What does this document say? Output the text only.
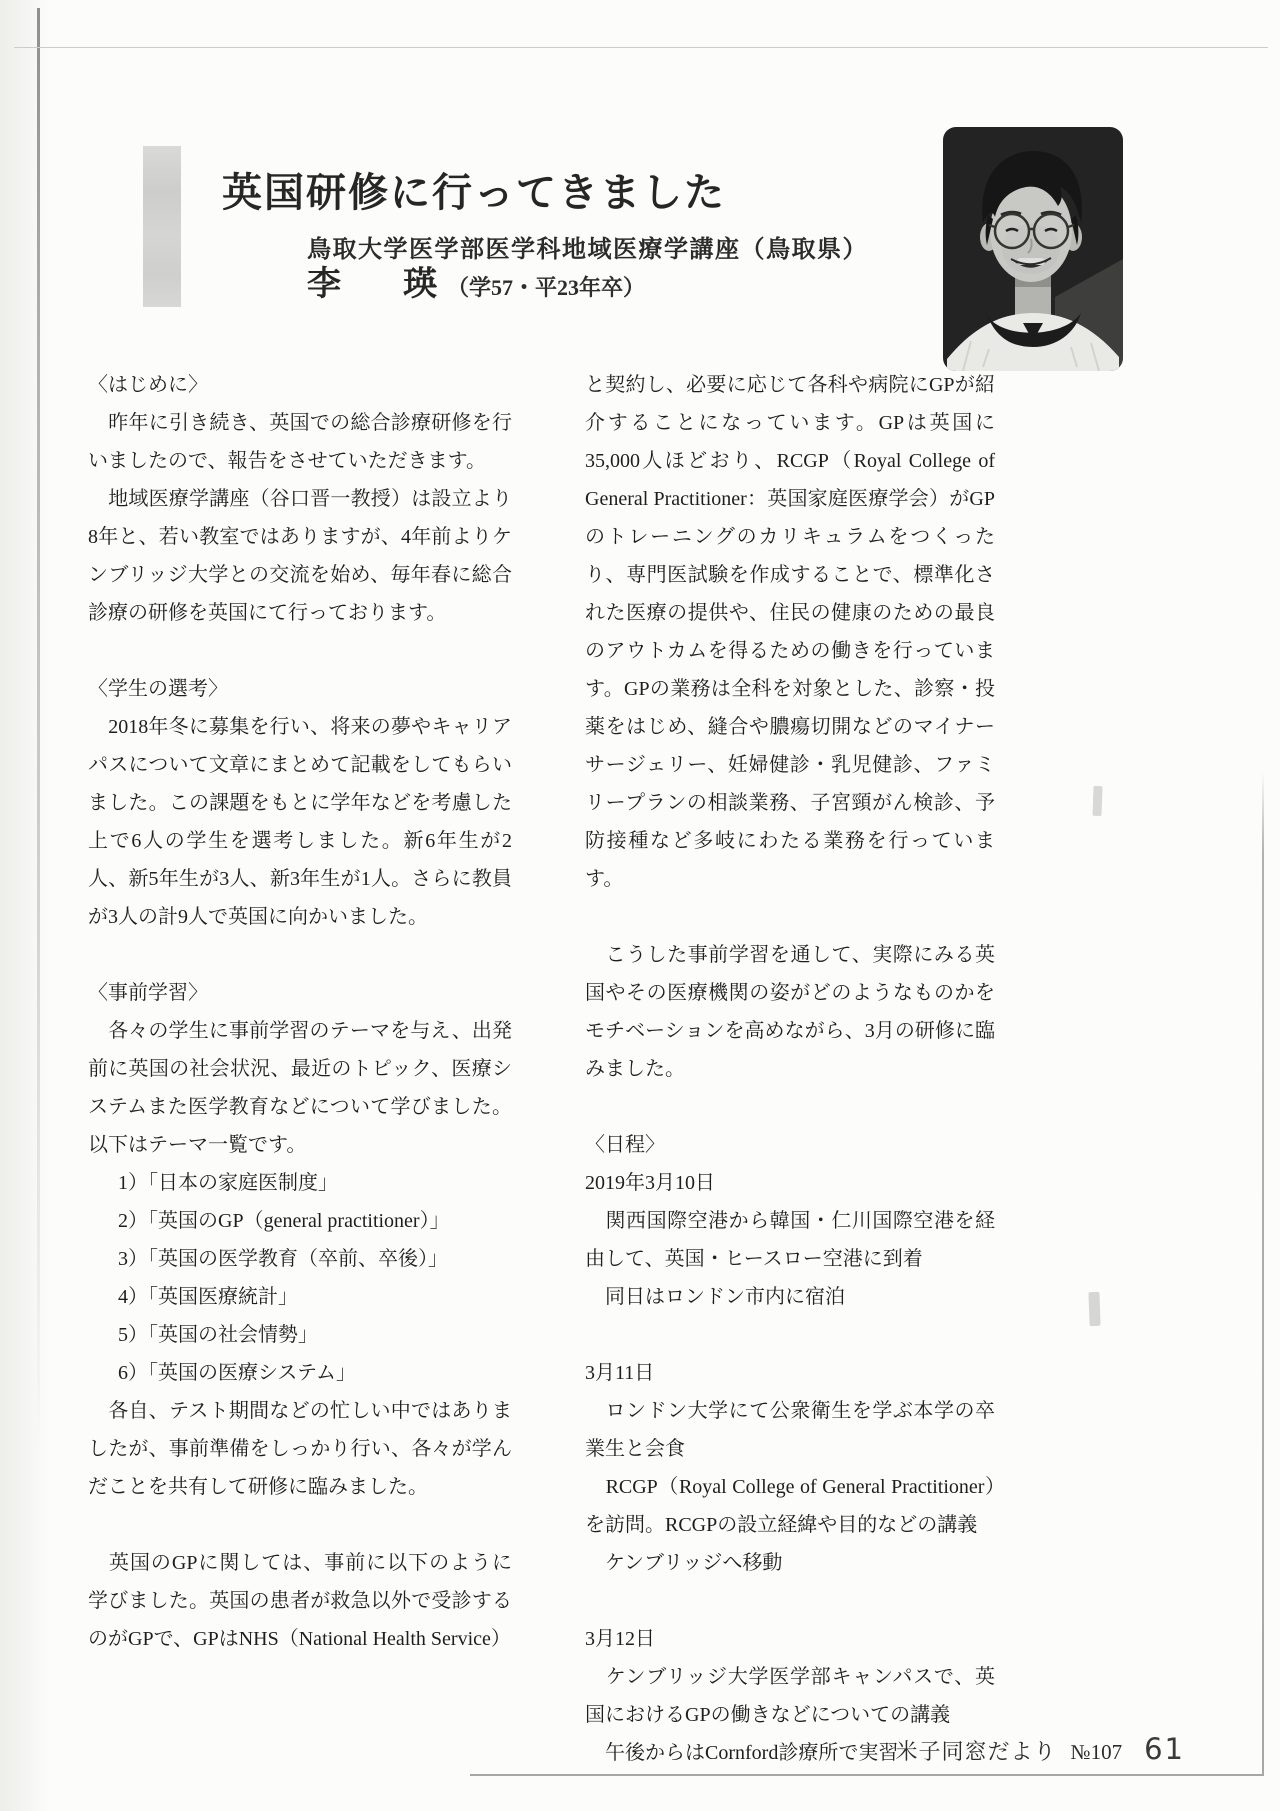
英国研修に行ってきました
鳥取大学医学部医学科地域医療学講座（鳥取県）
李 瑛 （学57・平23年卒）
〈はじめに〉
　昨年に引き続き、英国での総合診療研修を行いましたので、報告をさせていただきます。
　地域医療学講座（谷口晋一教授）は設立より8年と、若い教室ではありますが、4年前よりケンブリッジ大学との交流を始め、毎年春に総合診療の研修を英国にて行っております。
〈学生の選考〉
　2018年冬に募集を行い、将来の夢やキャリアパスについて文章にまとめて記載をしてもらいました。この課題をもとに学年などを考慮した上で6人の学生を選考しました。新6年生が2人、新5年生が3人、新3年生が1人。さらに教員が3人の計9人で英国に向かいました。
〈事前学習〉
　各々の学生に事前学習のテーマを与え、出発前に英国の社会状況、最近のトピック、医療システムまた医学教育などについて学びました。以下はテーマ一覧です。
1）「日本の家庭医制度」
2）「英国のGP（general practitioner）」
3）「英国の医学教育（卒前、卒後）」
4）「英国医療統計」
5）「英国の社会情勢」
6）「英国の医療システム」
　各自、テスト期間などの忙しい中ではありましたが、事前準備をしっかり行い、各々が学んだことを共有して研修に臨みました。
　英国のGPに関しては、事前に以下のように学びました。英国の患者が救急以外で受診するのがGPで、GPはNHS（National Health Service）
と契約し、必要に応じて各科や病院にGPが紹介することになっています。GPは英国に35,000人ほどおり、RCGP（Royal College of General Practitioner：英国家庭医療学会）がGPのトレーニングのカリキュラムをつくったり、専門医試験を作成することで、標準化された医療の提供や、住民の健康のための最良のアウトカムを得るための働きを行っています。GPの業務は全科を対象とした、診察・投薬をはじめ、縫合や膿瘍切開などのマイナーサージェリー、妊婦健診・乳児健診、ファミリープランの相談業務、子宮頸がん検診、予防接種など多岐にわたる業務を行っています。
　こうした事前学習を通して、実際にみる英国やその医療機関の姿がどのようなものかをモチベーションを高めながら、3月の研修に臨みました。
〈日程〉
2019年3月10日
　関西国際空港から韓国・仁川国際空港を経由して、英国・ヒースロー空港に到着
　同日はロンドン市内に宿泊
3月11日
　ロンドン大学にて公衆衛生を学ぶ本学の卒業生と会食
　RCGP（Royal College of General Practitioner）を訪問。RCGPの設立経緯や目的などの講義
　ケンブリッジへ移動
3月12日
　ケンブリッジ大学医学部キャンパスで、英国におけるGPの働きなどについての講義
　午後からはCornford診療所で実習
米子同窓だより №107 61
